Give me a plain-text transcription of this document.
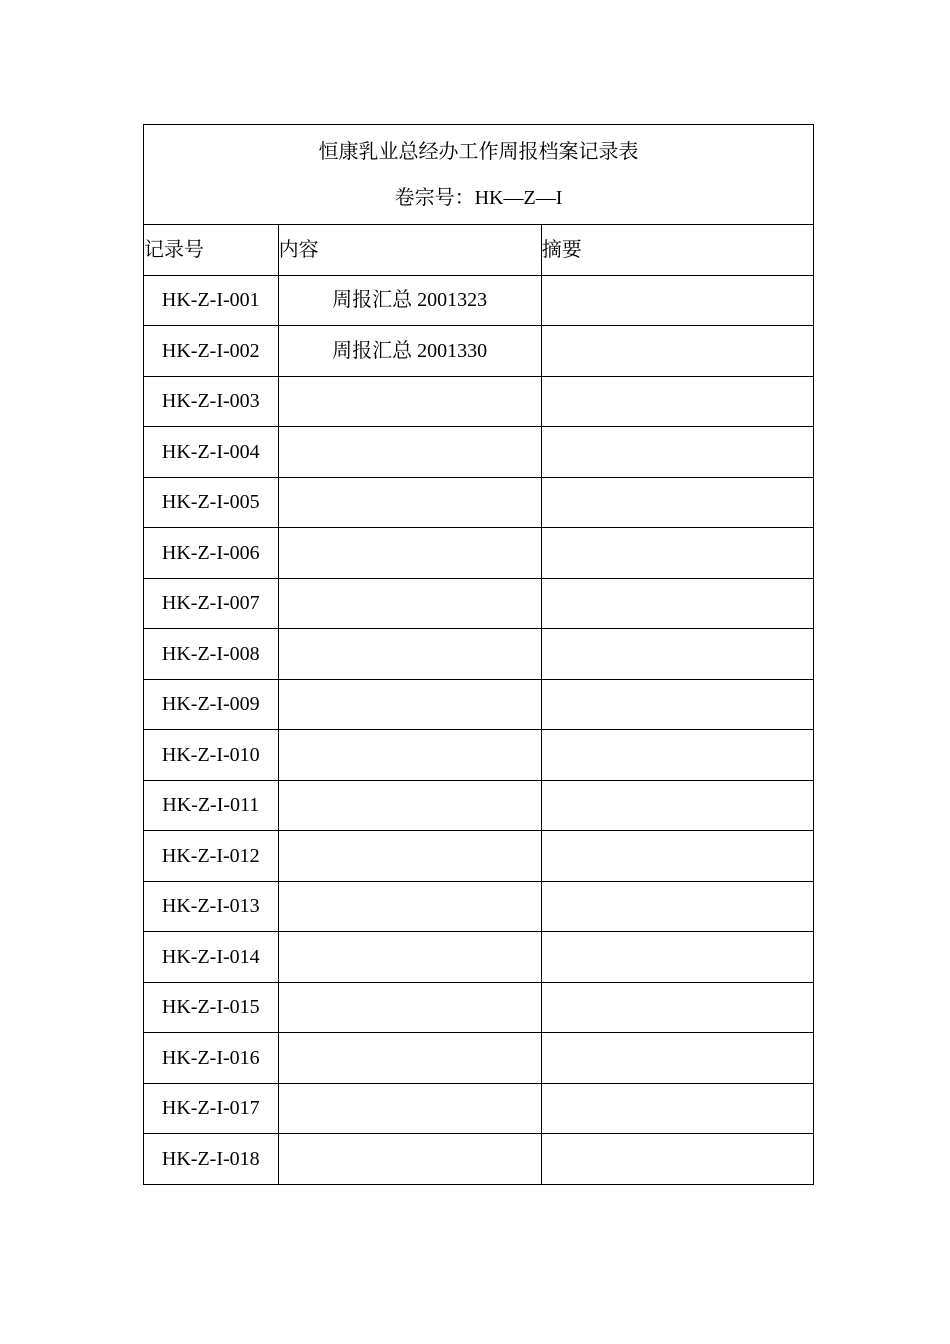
恒康乳业总经办工作周报档案记录表
卷宗号：HK—Z—I		

记录号	内容	摘要
HK-Z-I-001	周报汇总 2001323	
HK-Z-I-002	周报汇总 2001330	
HK-Z-I-003		
HK-Z-I-004		
HK-Z-I-005		
HK-Z-I-006		
HK-Z-I-007		
HK-Z-I-008		
HK-Z-I-009		
HK-Z-I-010		
HK-Z-I-011		
HK-Z-I-012		
HK-Z-I-013		
HK-Z-I-014		
HK-Z-I-015		
HK-Z-I-016		
HK-Z-I-017		
HK-Z-I-018		
